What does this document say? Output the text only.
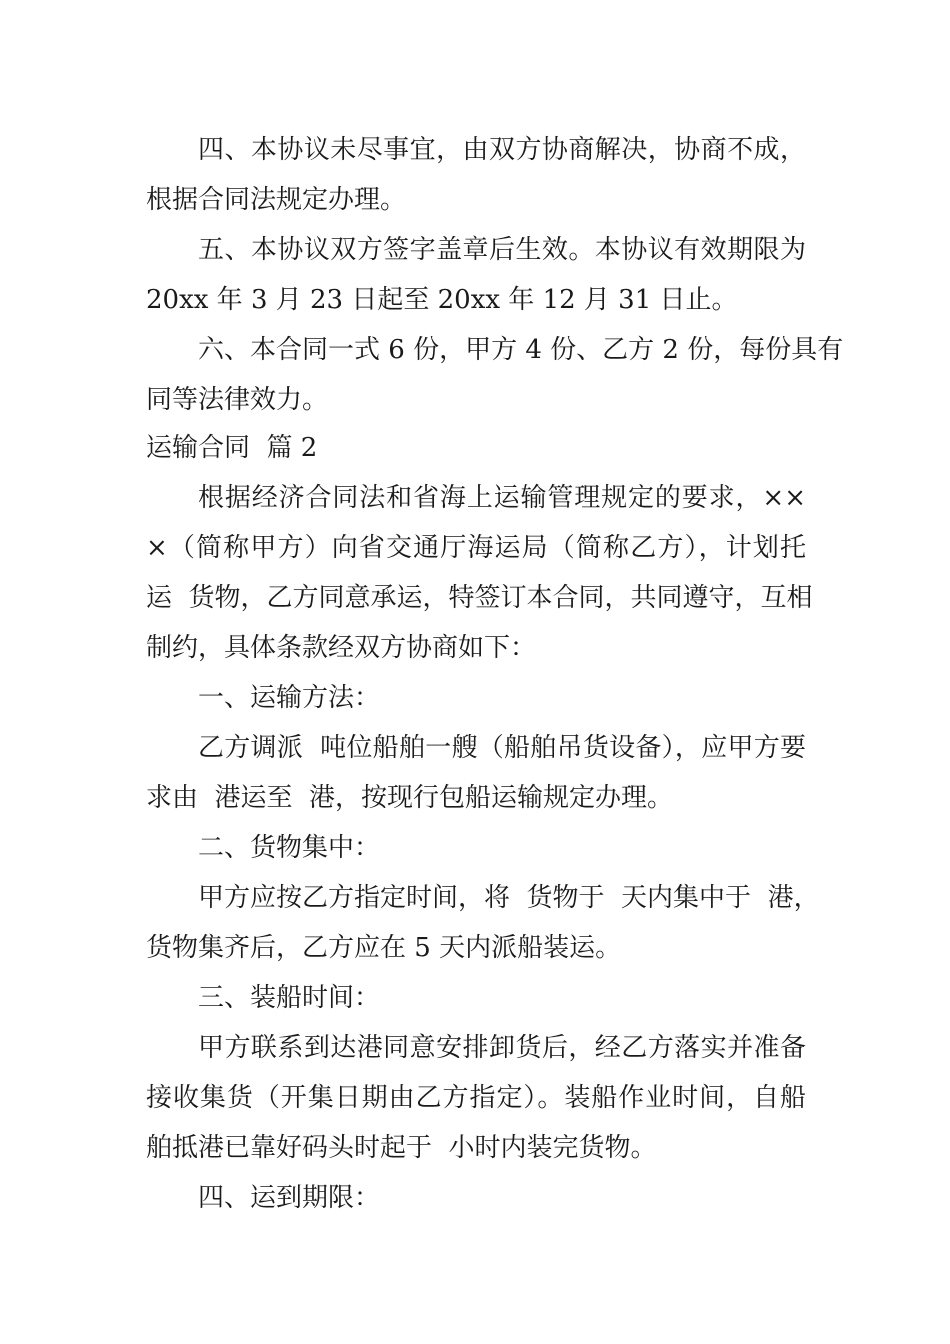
四、本协议未尽事宜，由双方协商解决，协商不成，
根据合同法规定办理。
五、本协议双方签字盖章后生效。本协议有效期限为
20xx 年 3 月 23 日起至 20xx 年 12 月 31 日止。
六、本合同一式 6 份，甲方 4 份、乙方 2 份，每份具有
同等法律效力。
运输合同  篇 2
根据经济合同法和省海上运输管理规定的要求，××
×（简称甲方）向省交通厅海运局（简称乙方），计划托
运  货物，乙方同意承运，特签订本合同，共同遵守，互相
制约，具体条款经双方协商如下：
一、运输方法：
乙方调派  吨位船舶一艘（船舶吊货设备），应甲方要
求由  港运至  港，按现行包船运输规定办理。
二、货物集中：
甲方应按乙方指定时间，将  货物于  天内集中于  港，
货物集齐后，乙方应在 5 天内派船装运。
三、装船时间：
甲方联系到达港同意安排卸货后，经乙方落实并准备
接收集货（开集日期由乙方指定）。装船作业时间，自船
舶抵港已靠好码头时起于  小时内装完货物。
四、运到期限：
